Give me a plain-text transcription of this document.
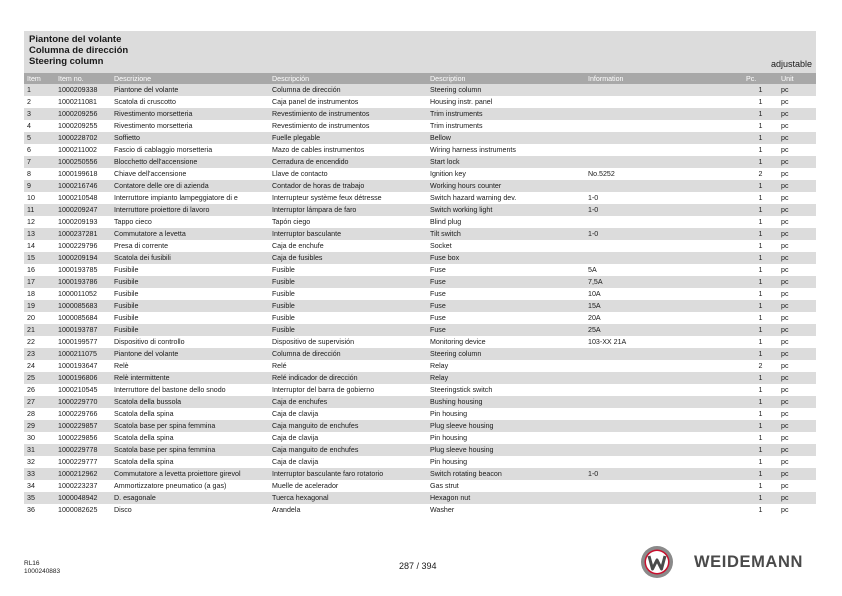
Piantone del volante
Columna de dirección
Steering column	adjustable
Item	Item no.	Descrizione	Descripción	Description	Information	Pc.	Unit
1	1000209338	Piantone del volante	Columna de dirección	Steering column		1	pc
2	1000211081	Scatola di cruscotto	Caja panel de instrumentos	Housing instr. panel		1	pc
3	1000209256	Rivestimento morsetteria	Revestimiento de instrumentos	Trim instruments		1	pc
4	1000209255	Rivestimento morsetteria	Revestimiento de instrumentos	Trim instruments		1	pc
5	1000228702	Soffietto	Fuelle plegable	Bellow		1	pc
6	1000211002	Fascio di cablaggio morsetteria	Mazo de cables instrumentos	Wiring harness instruments		1	pc
7	1000250556	Blocchetto dell'accensione	Cerradura de encendido	Start lock		1	pc
8	1000199618	Chiave dell'accensione	Llave de contacto	Ignition key	No.5252	2	pc
9	1000216746	Contatore delle ore di azienda	Contador de horas de trabajo	Working hours counter		1	pc
10	1000210548	Interruttore impianto lampeggiatore di e	Interrupteur système feux détresse	Switch hazard warning dev.	1-0	1	pc
11	1000209247	Interruttore proiettore di lavoro	Interruptor lámpara de faro	Switch working light	1-0	1	pc
12	1000209193	Tappo cieco	Tapón ciego	Blind plug		1	pc
13	1000237281	Commutatore a levetta	Interruptor basculante	Tilt switch	1-0	1	pc
14	1000229796	Presa di corrente	Caja de enchufe	Socket		1	pc
15	1000209194	Scatola dei fusibili	Caja de fusibles	Fuse box		1	pc
16	1000193785	Fusibile	Fusible	Fuse	5A	1	pc
17	1000193786	Fusibile	Fusible	Fuse	7,5A	1	pc
18	1000011052	Fusibile	Fusible	Fuse	10A	1	pc
19	1000085683	Fusibile	Fusible	Fuse	15A	1	pc
20	1000085684	Fusibile	Fusible	Fuse	20A	1	pc
21	1000193787	Fusibile	Fusible	Fuse	25A	1	pc
22	1000199577	Dispositivo di controllo	Dispositivo de supervisión	Monitoring device	103-XX 21A	1	pc
23	1000211075	Piantone del volante	Columna de dirección	Steering column		1	pc
24	1000193647	Relè	Relé	Relay		2	pc
25	1000196806	Relè intermittente	Relé indicador de dirección	Relay		1	pc
26	1000210545	Interruttore del bastone dello snodo	Interruptor del barra de gobierno	Steeringstick switch		1	pc
27	1000229770	Scatola della bussola	Caja de enchufes	Bushing housing		1	pc
28	1000229766	Scatola della spina	Caja de clavija	Pin housing		1	pc
29	1000229857	Scatola base per spina femmina	Caja manguito de enchufes	Plug sleeve housing		1	pc
30	1000229856	Scatola della spina	Caja de clavija	Pin housing		1	pc
31	1000229778	Scatola base per spina femmina	Caja manguito de enchufes	Plug sleeve housing		1	pc
32	1000229777	Scatola della spina	Caja de clavija	Pin housing		1	pc
33	1000212962	Commutatore a levetta proiettore girevol	Interruptor basculante faro rotatorio	Switch rotating beacon	1-0	1	pc
34	1000223237	Ammortizzatore pneumatico (a gas)	Muelle de acelerador	Gas strut		1	pc
35	1000048942	D. esagonale	Tuerca hexagonal	Hexagon nut		1	pc
36	1000082625	Disco	Arandela	Washer		1	pc
RL16
1000240883	287 / 394	WEIDEMANN
